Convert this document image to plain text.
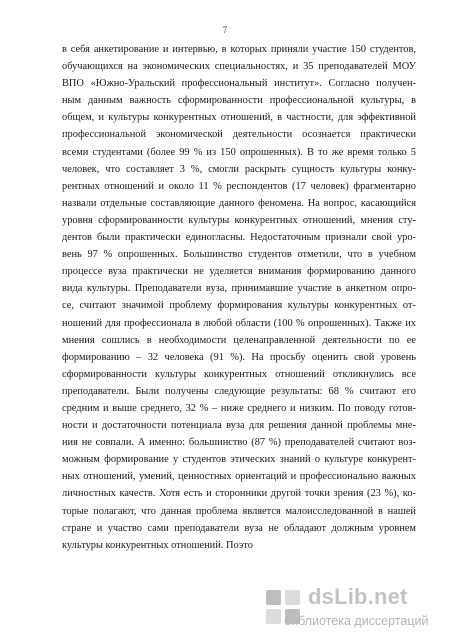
7
в себя анкетирование и интервью, в которых приняли участие 150 студентов,
обучающихся на экономических специальностях, и 35 преподавателей МОУ
ВПО «Южно-Уральский профессиональный институт». Согласно получен-
ным данным важность сформированности профессиональной культуры, в
общем, и культуры конкурентных отношений, в частности, для эффективной
профессиональной экономической деятельности осознается практически
всеми студентами (более 99 % из 150 опрошенных). В то же время только 5
человек, что составляет 3 %, смогли раскрыть сущность культуры конку-
рентных отношений и около 11 % респондентов (17 человек) фрагментарно
назвали отдельные составляющие данного феномена. На вопрос, касающийся
уровня сформированности культуры конкурентных отношений, мнения сту-
дентов были практически единогласны. Недостаточным признали свой уро-
вень 97 % опрошенных. Большинство студентов отметили, что в учебном
процессе вуза практически не уделяется внимания формированию данного
вида культуры. Преподаватели вуза, принимавшие участие в анкетном опро-
се, считают значимой проблему формирования культуры конкурентных от-
ношений для профессионала в любой области (100 % опрошенных). Также их
мнения сошлись в необходимости целенаправленной деятельности по ее
формированию – 32 человека (91 %). На просьбу оценить свой уровень
сформированности культуры конкурентных отношений откликнулись все
преподаватели. Были получены следующие результаты: 68 % считают его
средним и выше среднего, 32 % – ниже среднего и низким. По поводу готов-
ности и достаточности потенциала вуза для решения данной проблемы мне-
ния не совпали. А именно: большинство (87 %) преподавателей считают воз-
можным формирование у студентов этических знаний о культуре конкурент-
ных отношений, умений, ценностных ориентаций и профессионально важных
личностных качеств. Хотя есть и сторонники другой точки зрения (23 %), ко-
торые полагают, что данная проблема является малоисследованной в нашей
стране и участво сами преподаватели вуза не обладают должным уровнем
культуры конкурентных отношений. Поэто
dsLib.net
библиотека диссертаций
